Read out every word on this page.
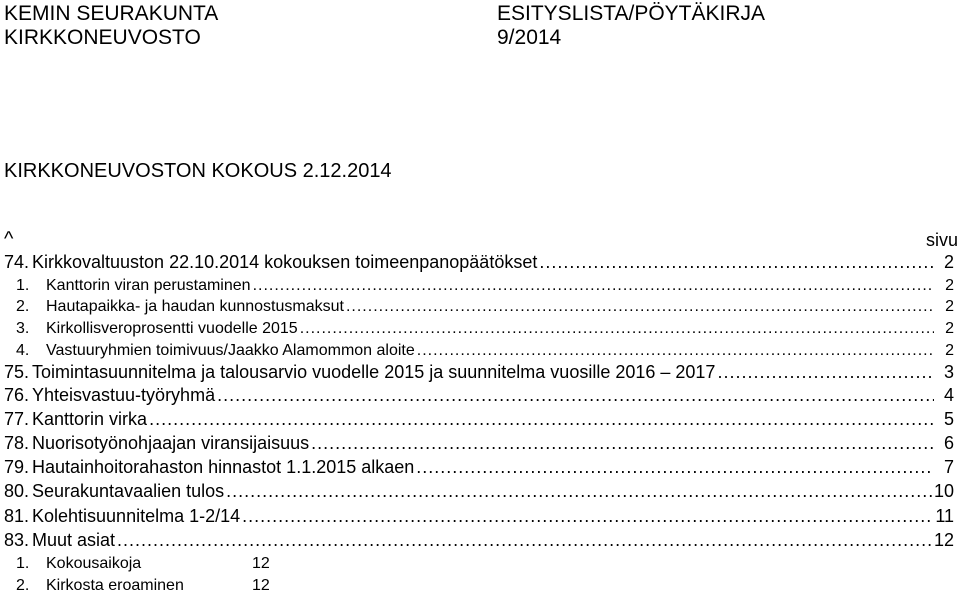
KEMIN SEURAKUNTA
KIRKKONEUVOSTO
ESITYSLISTA/PÖYTÄKIRJA
9/2014
KIRKKONEUVOSTON KOKOUS 2.12.2014
^	sivu
74. Kirkkovaltuuston 22.10.2014 kokouksen toimeenpanopäätökset .....	2
1.	Kanttorin viran perustaminen .....	2
2.	Hautapaikka- ja haudan kunnostusmaksut .....	2
3.	Kirkollisveroprosentti vuodelle 2015 .....	2
4.	Vastuuryhmien toimivuus/Jaakko Alamommon aloite .....	2
75. Toimintasuunnitelma ja talousarvio vuodelle 2015 ja suunnitelma vuosille 2016 – 2017 .....	3
76. Yhteisvastuu-työryhmä .....	4
77. Kanttorin virka .....	5
78. Nuorisotyönohjaajan viransijaisuus .....	6
79. Hautainhoitorahaston hinnastot 1.1.2015 alkaen .....	7
80. Seurakuntavaalien tulos .....	10
81. Kolehtisuunnitelma 1-2/14 .....	11
83. Muut asiat .....	12
1. Kokousaikoja	12
2. Kirkosta eroaminen	12
